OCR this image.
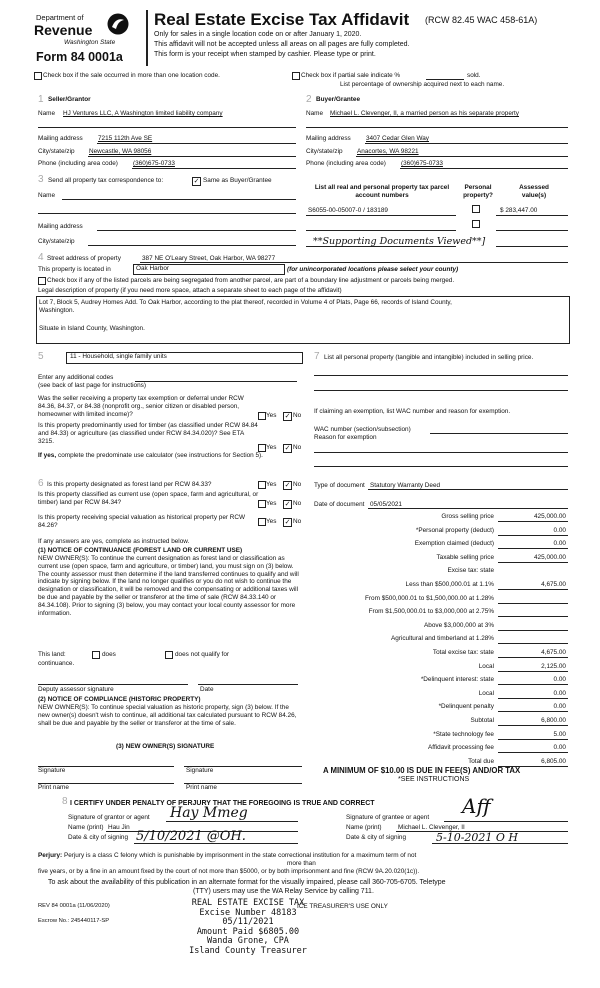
Department of
Revenue
Washington State
Form 84 0001a
Real Estate Excise Tax Affidavit (RCW 82.45 WAC 458-61A)
Only for sales in a single location code on or after January 1, 2020.
This affidavit will not be accepted unless all areas on all pages are fully completed.
This form is your receipt when stamped by cashier. Please type or print.
Check box if the sale occurred in more than one location code.	Check box if partial sale indicate %	sold.
List percentage of ownership acquired next to each name.
1 Seller/Grantor
Name HJ Ventures LLC, A Washington limited liability company
Mailing address 7215 112th Ave SE
City/state/zip Newcastle, WA 98056
Phone (including area code) (360)675-0733
2 Buyer/Grantee
Name Michael L. Clevenger, II, a married person as his separate property
Mailing address 3407 Cedar Glen Way
City/state/zip Anacortes, WA 98221
Phone (including area code) (360)675-0733
3 Send all property tax correspondence to:	✓ Same as Buyer/Grantee
Name
Mailing address
City/state/zip
List all real and personal property tax parcel account numbers
Personal property?
Assessed value(s)
S6055-00-05007-0 / 183189	$ 283,447.00
**Supporting Documents Viewed**]
4 Street address of property	387 NE O'Leary Street, Oak Harbor, WA 98277
This property is located in	Oak Harbor	(for unincorporated locations please select your county)
Check box if any of the listed parcels are being segregated from another parcel, are part of a boundary line adjustment or parcels being merged.
Legal description of property (if you need more space, attach a separate sheet to each page of the affidavit)
Lot 7, Block 5, Audrey Homes Add. To Oak Harbor, according to the plat thereof, recorded in Volume 4 of Plats, Page 66, records of Island County,
Washington.
Situate in Island County, Washington.
5	11 - Household, single family units
Enter any additional codes
(see back of last page for instructions)
Was the seller receiving a property tax exemption or deferral under RCW 84.36, 84.37, or 84.38 (nonprofit org., senior citizen or disabled person, homeowner with limited income)?	Yes ✓ No
Is this property predominantly used for timber (as classified under RCW 84.84 and 84.33) or agriculture (as classified under RCW 84.34.020)? See ETA 3215.
Yes ✓ No
If yes, complete the predominate use calculator (see instructions for Section 5).
7 List all personal property (tangible and intangible) included in selling price.
If claiming an exemption, list WAC number and reason for exemption.
WAC number (section/subsection)
Reason for exemption
6 Is this property designated as forest land per RCW 84.33?	Yes ✓ No
Is this property classified as current use (open space, farm and agricultural, or timber) land per RCW 84.34?	Yes ✓ No
Is this property receiving special valuation as historical property per RCW 84.26?
Yes ✓ No
If any answers are yes, complete as instructed below.
(1) NOTICE OF CONTINUANCE (FOREST LAND OR CURRENT USE)
NEW OWNER(S): To continue the current designation as forest land or classification as current use (open space, farm and agriculture, or timber) land, you must sign on (3) below. The county assessor must then determine if the land transferred continues to qualify and will indicate by signing below. If the land no longer qualifies or you do not wish to continue the designation or classification, it will be removed and the compensating or additional taxes will be due and payable by the seller or transferor at the time of sale (RCW 84.33.140 or 84.34.108). Prior to signing (3) below, you may contact your local county assessor for more information.
This land:	does	does not qualify for
continuance.
Deputy assessor signature	Date
(2) NOTICE OF COMPLIANCE (HISTORIC PROPERTY)
NEW OWNER(S): To continue special valuation as historic property, sign (3) below. If the new owner(s) doesn't wish to continue, all additional tax calculated pursuant to RCW 84.26, shall be due and payable by the seller or transferor at the time of sale.
(3) NEW OWNER(S) SIGNATURE
Signature	Signature
Print name	Print name
Type of document Statutory Warranty Deed
Date of document 05/05/2021
Gross selling price	425,000.00
*Personal property (deduct)	0.00
Exemption claimed (deduct)	0.00
Taxable selling price	425,000.00
Excise tax: state
Less than $500,000.01 at 1.1%	4,675.00
From $500,000.01 to $1,500,000.00 at 1.28%
From $1,500,000.01 to $3,000,000 at 2.75%
Above $3,000,000 at 3%
Agricultural and timberland at 1.28%
Total excise tax: state	4,675.00
Local	2,125.00
*Delinquent interest: state	0.00
Local	0.00
*Delinquent penalty	0.00
Subtotal	6,800.00
*State technology fee	5.00
Affidavit processing fee	0.00
Total due	6,805.00
A MINIMUM OF $10.00 IS DUE IN FEE(S) AND/OR TAX
*SEE INSTRUCTIONS
8 I CERTIFY UNDER PENALTY OF PERJURY THAT THE FOREGOING IS TRUE AND CORRECT
Signature of grantor or agent Hay Mmeg
Name (print) Hau Jin
Date & city of signing 5/10/2021 @OH.
Signature of grantee or agent Aff
Name (print)	Michael L. Clevenger, II
Date & city of signing	5-10-2021 O H
Perjury: Perjury is a class C felony which is punishable by imprisonment in the state correctional institution for a maximum term of not
more than
five years, or by a fine in an amount fixed by the court of not more than $5000, or by both imprisonment and fine (RCW 9A.20.020(1c)).
To ask about the availability of this publication in an alternate format for the visually impaired, please call 360-705-6705. Teletype
(TTY) users may use the WA Relay Service by calling 711.
REV 84 0001a (11/06/2020)
Escrow No.: 245440117-SP
ICE TREASURER'S USE ONLY
REAL ESTATE EXCISE TAX
Excise Number 48183
05/11/2021
Amount Paid $6805.00
Wanda Grone, CPA
Island County Treasurer
